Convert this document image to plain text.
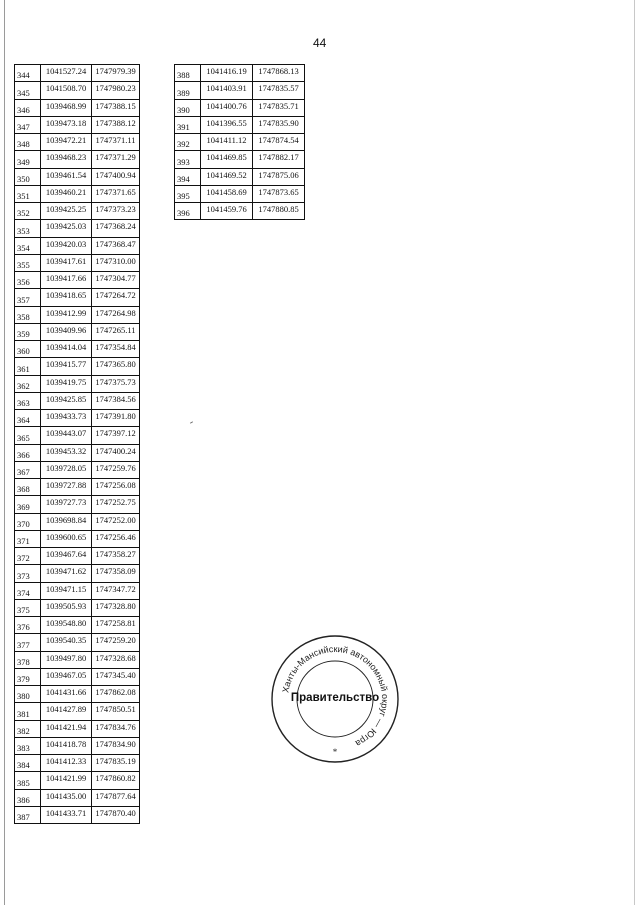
44
344	1041527.24	1747979.39
345	1041508.70	1747980.23
346	1039468.99	1747388.15
347	1039473.18	1747388.12
348	1039472.21	1747371.11
349	1039468.23	1747371.29
350	1039461.54	1747400.94
351	1039460.21	1747371.65
352	1039425.25	1747373.23
353	1039425.03	1747368.24
354	1039420.03	1747368.47
355	1039417.61	1747310.00
356	1039417.66	1747304.77
357	1039418.65	1747264.72
358	1039412.99	1747264.98
359	1039409.96	1747265.11
360	1039414.04	1747354.84
361	1039415.77	1747365.80
362	1039419.75	1747375.73
363	1039425.85	1747384.56
364	1039433.73	1747391.80
365	1039443.07	1747397.12
366	1039453.32	1747400.24
367	1039728.05	1747259.76
368	1039727.88	1747256.08
369	1039727.73	1747252.75
370	1039698.84	1747252.00
371	1039600.65	1747256.46
372	1039467.64	1747358.27
373	1039471.62	1747358.09
374	1039471.15	1747347.72
375	1039505.93	1747328.80
376	1039548.80	1747258.81
377	1039540.35	1747259.20
378	1039497.80	1747328.68
379	1039467.05	1747345.40
380	1041431.66	1747862.08
381	1041427.89	1747850.51
382	1041421.94	1747834.76
383	1041418.78	1747834.90
384	1041412.33	1747835.19
385	1041421.99	1747860.82
386	1041435.00	1747877.64
387	1041433.71	1747870.40
388	1041416.19	1747868.13
389	1041403.91	1747835.57
390	1041400.76	1747835.71
391	1041396.55	1747835.90
392	1041411.12	1747874.54
393	1041469.85	1747882.17
394	1041469.52	1747875.06
395	1041458.69	1747873.65
396	1041459.76	1747880.85
Ханты-Мансийский автономный округ — Югра
*
Правительство
